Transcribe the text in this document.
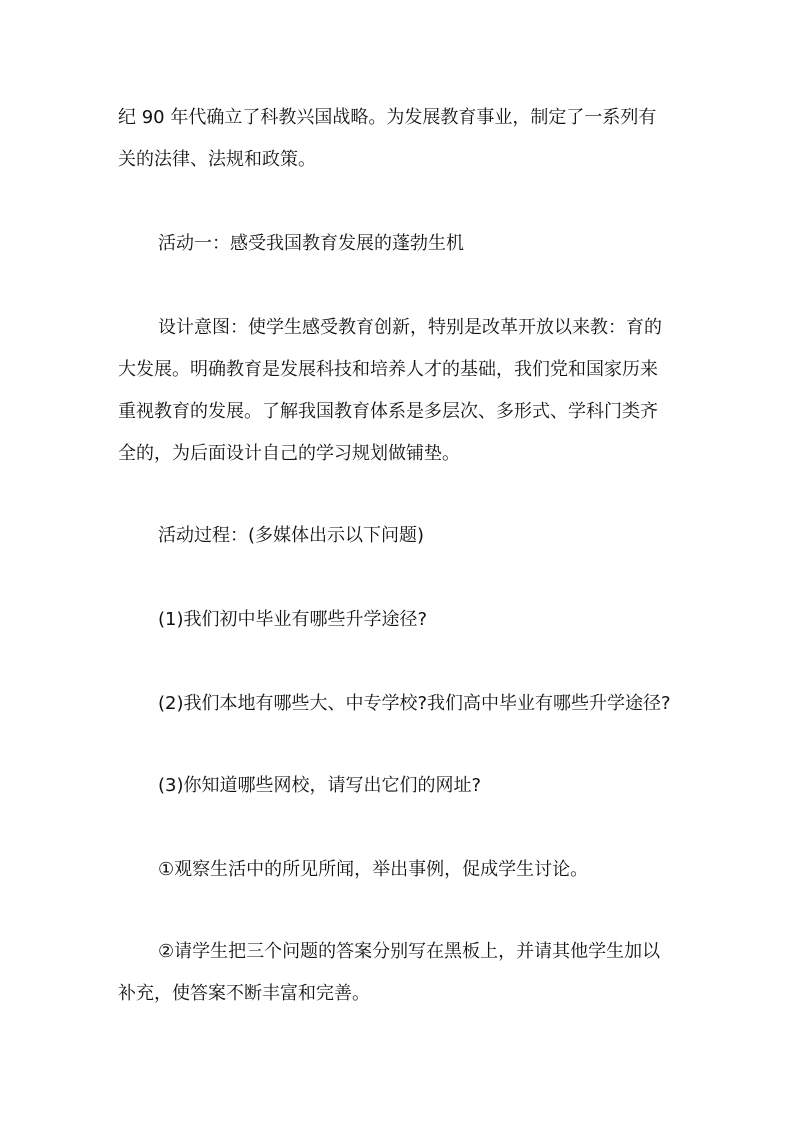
纪 90 年代确立了科教兴国战略。为发展教育事业，制定了一系列有
关的法律、法规和政策。
活动一：感受我国教育发展的蓬勃生机
设计意图：使学生感受教育创新，特别是改革开放以来教：育的
大发展。明确教育是发展科技和培养人才的基础，我们党和国家历来
重视教育的发展。了解我国教育体系是多层次、多形式、学科门类齐
全的，为后面设计自己的学习规划做铺垫。
活动过程：(多媒体出示以下问题)
(1)我们初中毕业有哪些升学途径?
(2)我们本地有哪些大、中专学校?我们高中毕业有哪些升学途径?
(3)你知道哪些网校，请写出它们的网址?
①观察生活中的所见所闻，举出事例，促成学生讨论。
②请学生把三个问题的答案分别写在黑板上，并请其他学生加以
补充，使答案不断丰富和完善。
